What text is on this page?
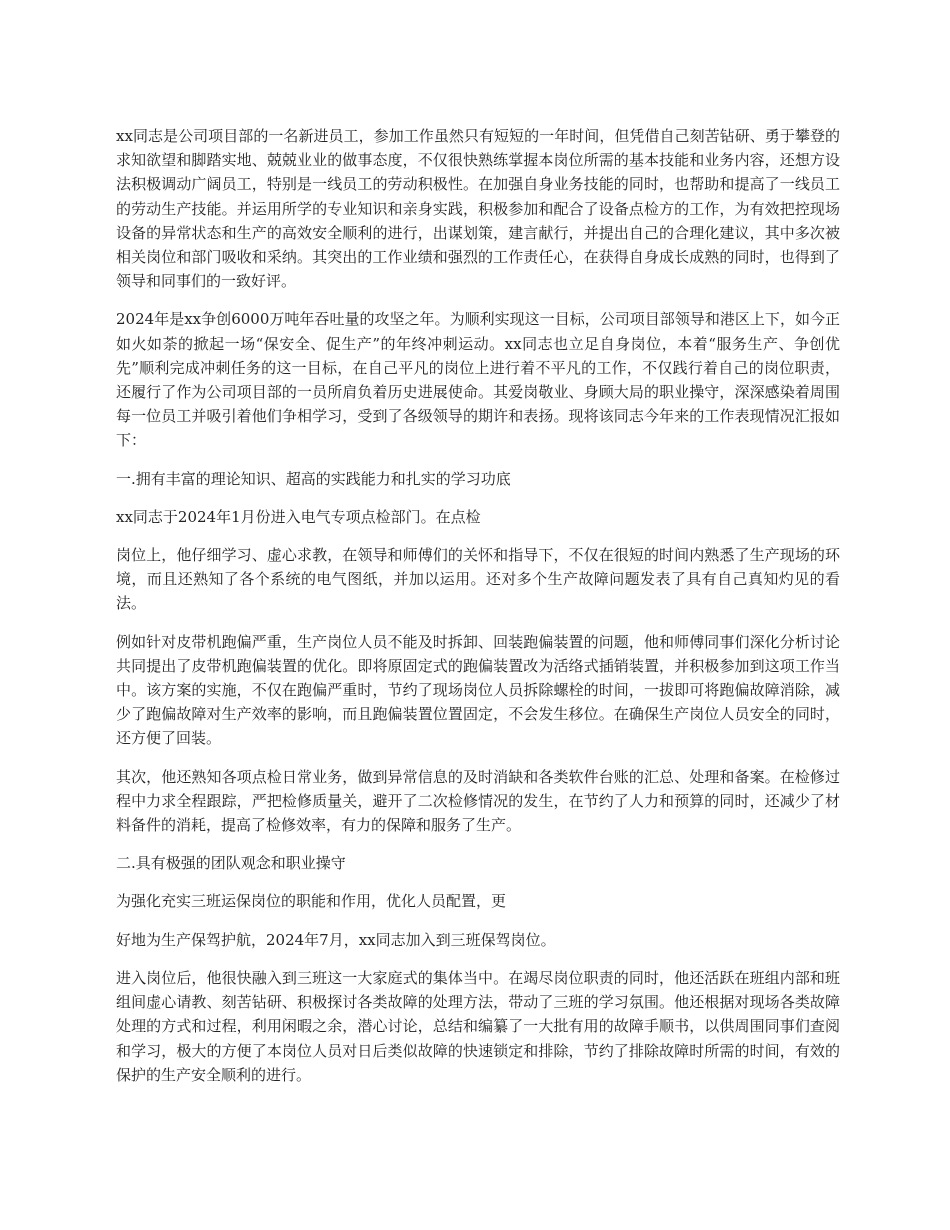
xx同志是公司项目部的一名新进员工，参加工作虽然只有短短的一年时间，但凭借自己刻苦钻研、勇于攀登的求知欲望和脚踏实地、兢兢业业的做事态度，不仅很快熟练掌握本岗位所需的基本技能和业务内容，还想方设法积极调动广阔员工，特别是一线员工的劳动积极性。在加强自身业务技能的同时，也帮助和提高了一线员工的劳动生产技能。并运用所学的专业知识和亲身实践，积极参加和配合了设备点检方的工作，为有效把控现场设备的异常状态和生产的高效安全顺利的进行，出谋划策，建言献行，并提出自己的合理化建议，其中多次被相关岗位和部门吸收和采纳。其突出的工作业绩和强烈的工作责任心，在获得自身成长成熟的同时，也得到了领导和同事们的一致好评。

2024年是xx争创6000万吨年吞吐量的攻坚之年。为顺利实现这一目标，公司项目部领导和港区上下，如今正如火如荼的掀起一场“保安全、促生产”的年终冲刺运动。xx同志也立足自身岗位，本着“服务生产、争创优先”顺利完成冲刺任务的这一目标，在自己平凡的岗位上进行着不平凡的工作，不仅践行着自己的岗位职责，还履行了作为公司项目部的一员所肩负着历史进展使命。其爱岗敬业、身顾大局的职业操守，深深感染着周围每一位员工并吸引着他们争相学习，受到了各级领导的期许和表扬。现将该同志今年来的工作表现情况汇报如下：

一.拥有丰富的理论知识、超高的实践能力和扎实的学习功底

xx同志于2024年1月份进入电气专项点检部门。在点检

岗位上，他仔细学习、虚心求教，在领导和师傅们的关怀和指导下，不仅在很短的时间内熟悉了生产现场的环境，而且还熟知了各个系统的电气图纸，并加以运用。还对多个生产故障问题发表了具有自己真知灼见的看法。

例如针对皮带机跑偏严重，生产岗位人员不能及时拆卸、回装跑偏装置的问题，他和师傅同事们深化分析讨论共同提出了皮带机跑偏装置的优化。即将原固定式的跑偏装置改为活络式插销装置，并积极参加到这项工作当中。该方案的实施，不仅在跑偏严重时，节约了现场岗位人员拆除螺栓的时间，一拔即可将跑偏故障消除，减少了跑偏故障对生产效率的影响，而且跑偏装置位置固定，不会发生移位。在确保生产岗位人员安全的同时，还方便了回装。

其次，他还熟知各项点检日常业务，做到异常信息的及时消缺和各类软件台账的汇总、处理和备案。在检修过程中力求全程跟踪，严把检修质量关，避开了二次检修情况的发生，在节约了人力和预算的同时，还减少了材料备件的消耗，提高了检修效率，有力的保障和服务了生产。

二.具有极强的团队观念和职业操守

为强化充实三班运保岗位的职能和作用，优化人员配置，更

好地为生产保驾护航，2024年7月，xx同志加入到三班保驾岗位。

进入岗位后，他很快融入到三班这一大家庭式的集体当中。在竭尽岗位职责的同时，他还活跃在班组内部和班组间虚心请教、刻苦钻研、积极探讨各类故障的处理方法，带动了三班的学习氛围。他还根据对现场各类故障处理的方式和过程，利用闲暇之余，潜心讨论，总结和编纂了一大批有用的故障手顺书，以供周围同事们查阅和学习，极大的方便了本岗位人员对日后类似故障的快速锁定和排除，节约了排除故障时所需的时间，有效的保护的生产安全顺利的进行。
